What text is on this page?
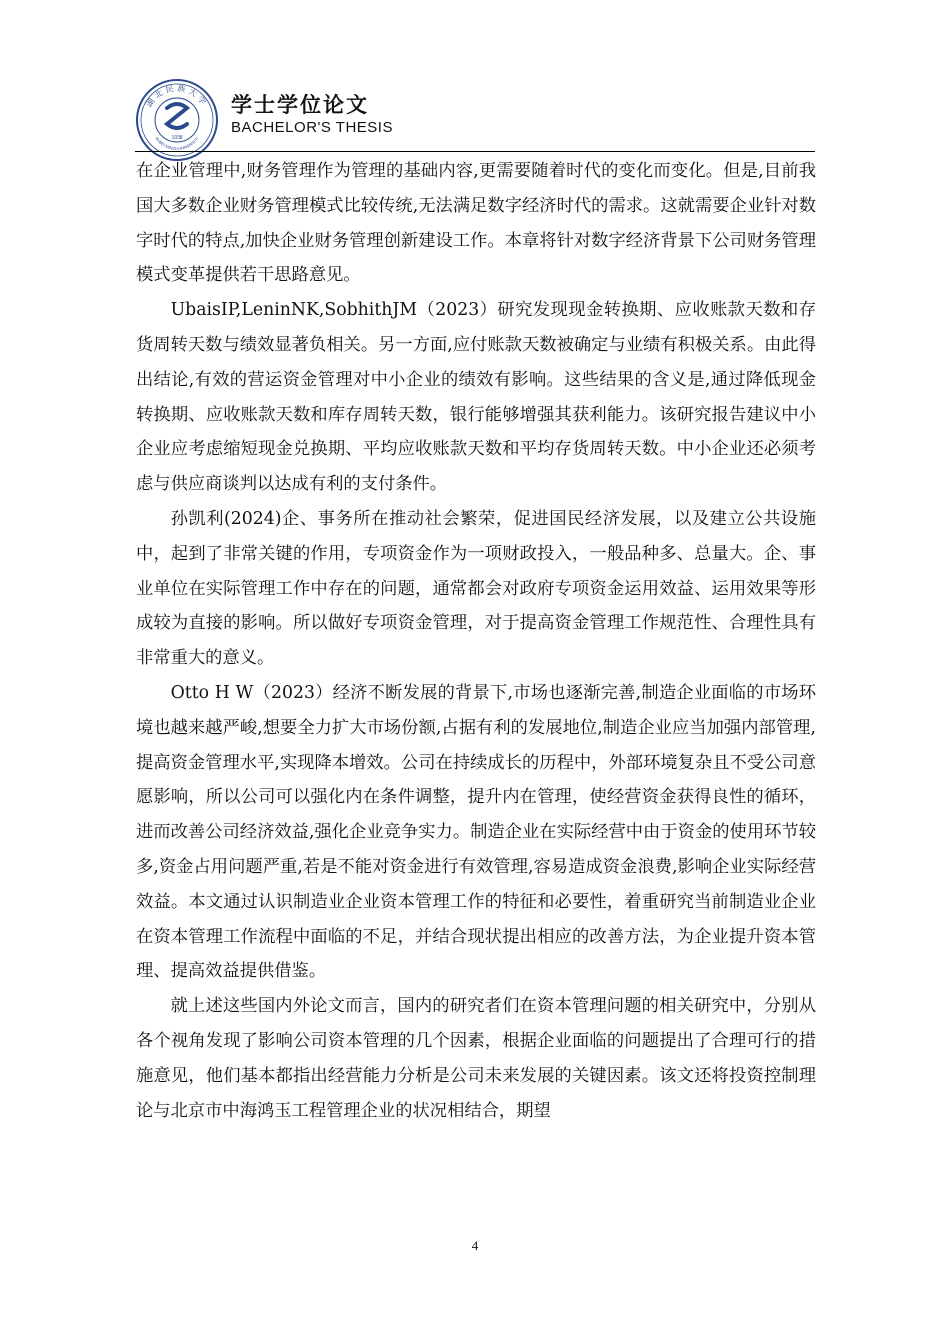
湖北民族大学
HUBEI MINZU UNIVERSITY
1938
学士学位论文
BACHELOR'S THESIS

在企业管理中,财务管理作为管理的基础内容,更需要随着时代的变化而变化。但是,目前我国大多数企业财务管理模式比较传统,无法满足数字经济时代的需求。这就需要企业针对数字时代的特点,加快企业财务管理创新建设工作。本章将针对数字经济背景下公司财务管理模式变革提供若干思路意见。

UbaisIP,LeninNK,SobhithJM（2023）研究发现现金转换期、应收账款天数和存货周转天数与绩效显著负相关。另一方面,应付账款天数被确定与业绩有积极关系。由此得出结论,有效的营运资金管理对中小企业的绩效有影响。这些结果的含义是,通过降低现金转换期、应收账款天数和库存周转天数，银行能够增强其获利能力。该研究报告建议中小企业应考虑缩短现金兑换期、平均应收账款天数和平均存货周转天数。中小企业还必须考虑与供应商谈判以达成有利的支付条件。

孙凯利(2024)企、事务所在推动社会繁荣，促进国民经济发展，以及建立公共设施中，起到了非常关键的作用，专项资金作为一项财政投入，一般品种多、总量大。企、事业单位在实际管理工作中存在的问题，通常都会对政府专项资金运用效益、运用效果等形成较为直接的影响。所以做好专项资金管理，对于提高资金管理工作规范性、合理性具有非常重大的意义。

Otto H W（2023）经济不断发展的背景下,市场也逐渐完善,制造企业面临的市场环境也越来越严峻,想要全力扩大市场份额,占据有利的发展地位,制造企业应当加强内部管理,提高资金管理水平,实现降本增效。公司在持续成长的历程中，外部环境复杂且不受公司意愿影响，所以公司可以强化内在条件调整，提升内在管理，使经营资金获得良性的循环，进而改善公司经济效益,强化企业竞争实力。制造企业在实际经营中由于资金的使用环节较多,资金占用问题严重,若是不能对资金进行有效管理,容易造成资金浪费,影响企业实际经营效益。本文通过认识制造业企业资本管理工作的特征和必要性，着重研究当前制造业企业在资本管理工作流程中面临的不足，并结合现状提出相应的改善方法，为企业提升资本管理、提高效益提供借鉴。

就上述这些国内外论文而言，国内的研究者们在资本管理问题的相关研究中，分别从各个视角发现了影响公司资本管理的几个因素，根据企业面临的问题提出了合理可行的措施意见，他们基本都指出经营能力分析是公司未来发展的关键因素。该文还将投资控制理论与北京市中海鸿玉工程管理企业的状况相结合，期望

4
